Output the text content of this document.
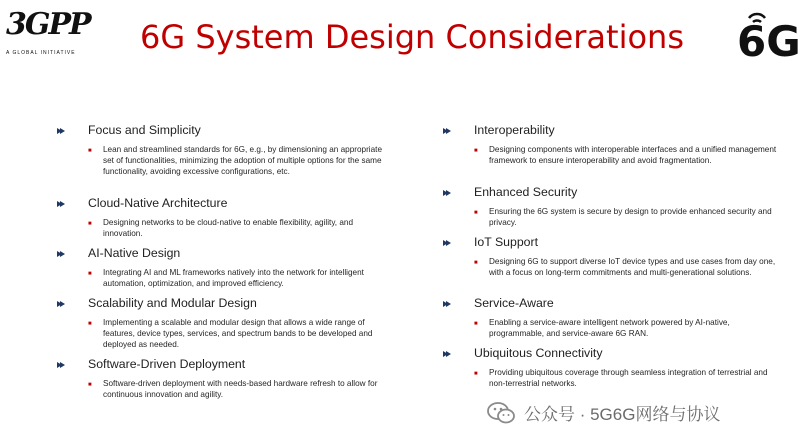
3GPP
A GLOBAL INITIATIVE	6G System Design Considerations 6G
Focus and Simplicity
■ Lean and streamlined standards for 6G, e.g., by dimensioning an appropriate set of functionalities, minimizing the adoption of multiple options for the same functionality, avoiding excessive configurations, etc.
Cloud-Native Architecture
■ Designing networks to be cloud-native to enable flexibility, agility, and innovation.
AI-Native Design
■ Integrating AI and ML frameworks natively into the network for intelligent automation, optimization, and improved efficiency.
Scalability and Modular Design
■ Implementing a scalable and modular design that allows a wide range of features, device types, services, and spectrum bands to be developed and deployed as needed.
Software-Driven Deployment
■ Software-driven deployment with needs-based hardware refresh to allow for continuous innovation and agility.
Interoperability
■ Designing components with interoperable interfaces and a unified management framework to ensure interoperability and avoid fragmentation.
Enhanced Security
■ Ensuring the 6G system is secure by design to provide enhanced security and privacy.
IoT Support
■ Designing 6G to support diverse IoT device types and use cases from day one, with a focus on long-term commitments and multi-generational solutions.
Service-Aware
■ Enabling a service-aware intelligent network powered by AI-native, programmable, and service-aware 6G RAN.
Ubiquitous Connectivity
■ Providing ubiquitous coverage through seamless integration of terrestrial and non-terrestrial networks.
公众号 · 5G6G网络与协议
